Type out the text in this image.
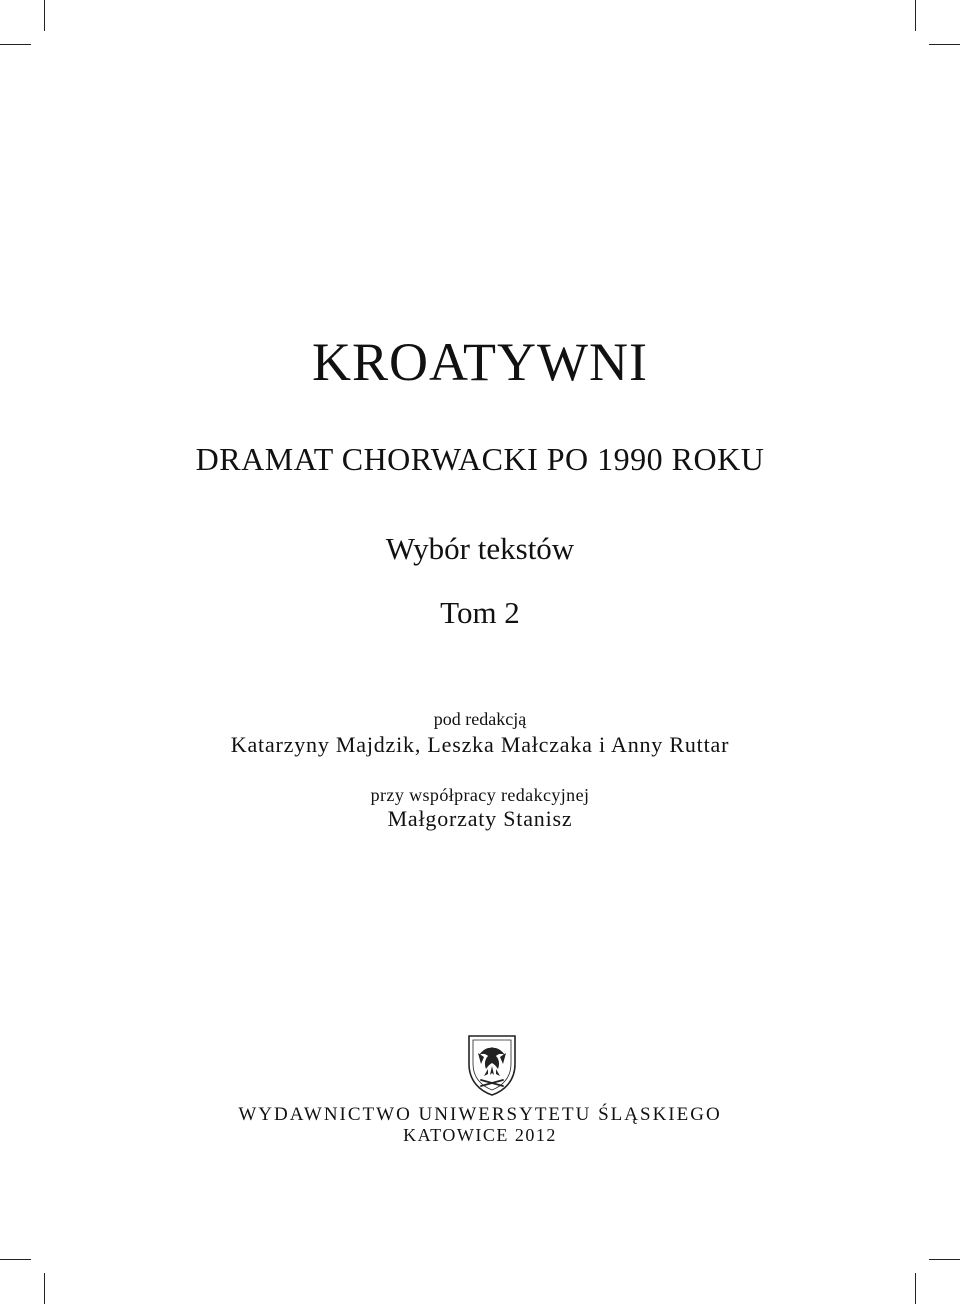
KROATYWNI
DRAMAT CHORWACKI PO 1990 ROKU
Wybór tekstów
Tom 2
pod redakcją
Katarzyny Majdzik, Leszka Małczaka i Anny Ruttar
przy współpracy redakcyjnej
Małgorzaty Stanisz
WYDAWNICTWO UNIWERSYTETU ŚLĄSKIEGO
KATOWICE 2012
